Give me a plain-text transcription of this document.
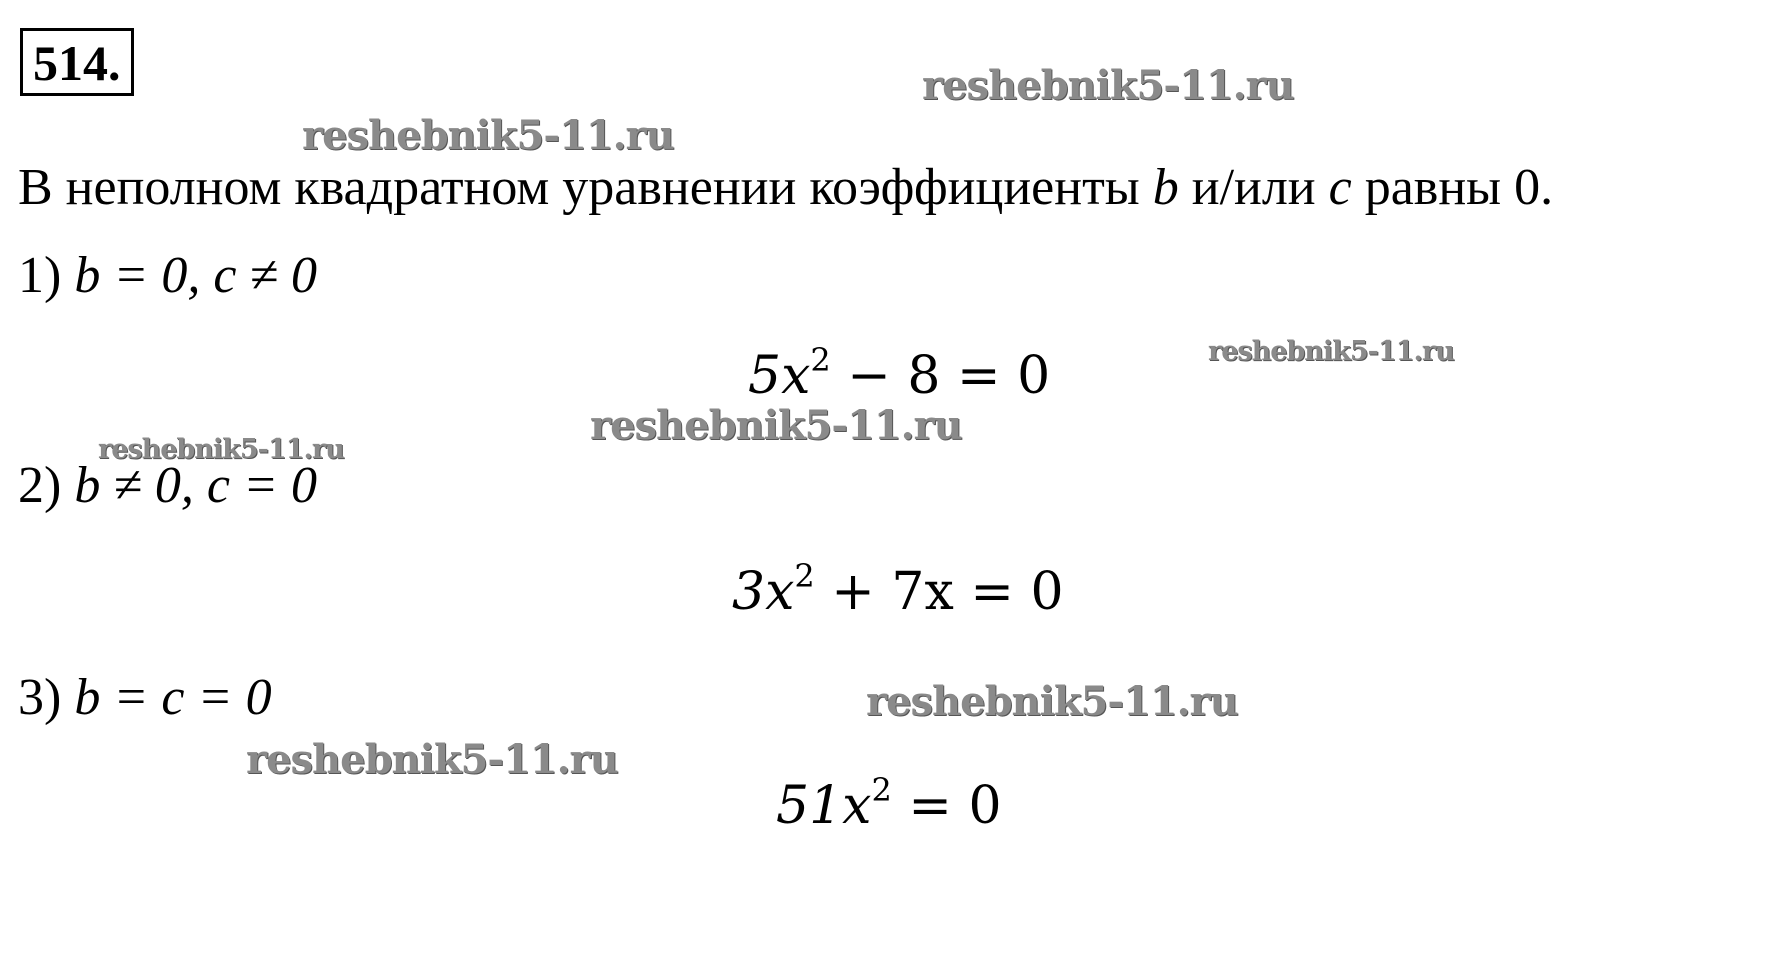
514.
В неполном квадратном уравнении коэффициенты b и/или c равны 0.
1) b = 0, c ≠ 0
$5x^2 - 8 = 0$
2) b ≠ 0, c = 0
$3x^2 + 7x = 0$
3) b = c = 0
$51x^2 = 0$
reshebnik5-11.ru
reshebnik5-11.ru
reshebnik5-11.ru
reshebnik5-11.ru
reshebnik5-11.ru
reshebnik5-11.ru
reshebnik5-11.ru
